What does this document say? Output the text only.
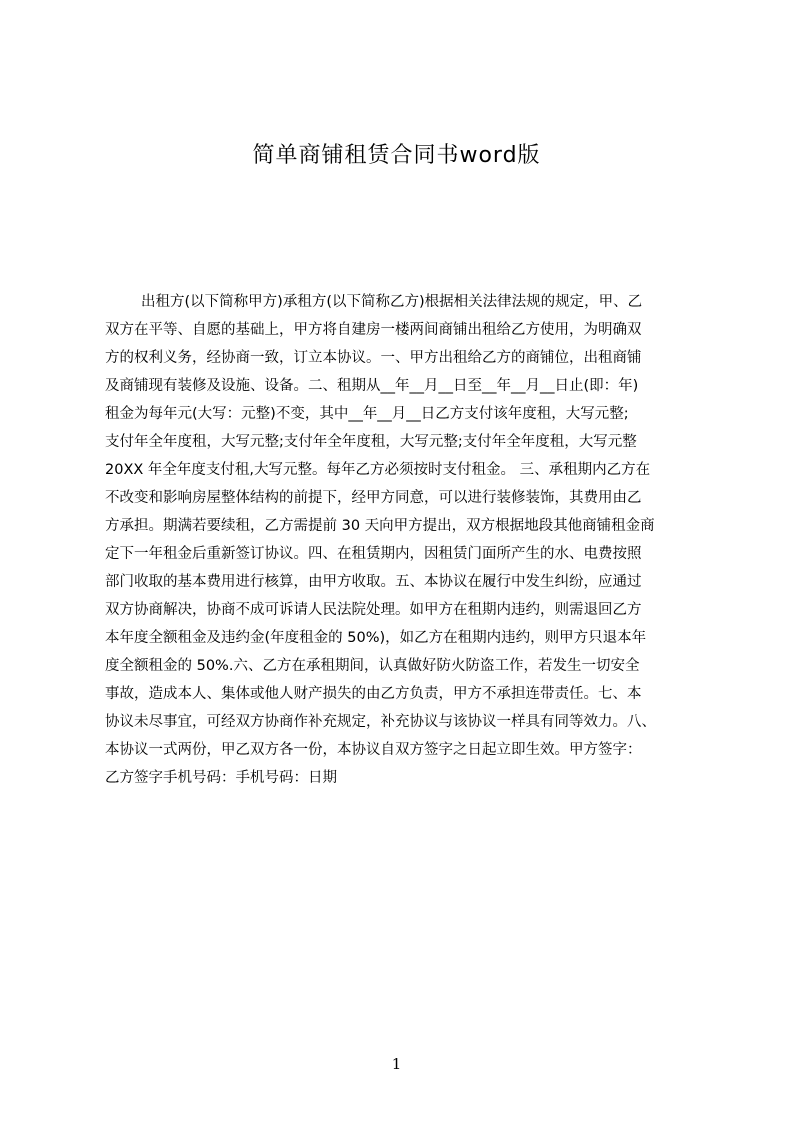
简单商铺租赁合同书word版
出租方(以下简称甲方)承租方(以下简称乙方)根据相关法律法规的规定，甲、乙
双方在平等、自愿的基础上，甲方将自建房一楼两间商铺出租给乙方使用，为明确双
方的权利义务，经协商一致，订立本协议。一、甲方出租给乙方的商铺位，出租商铺
及商铺现有装修及设施、设备。二、租期从__年__月__日至__年__月__日止(即：年)
租金为每年元(大写：元整)不变，其中__年__月__日乙方支付该年度租，大写元整;
支付年全年度租，大写元整;支付年全年度租，大写元整;支付年全年度租，大写元整
20XX 年全年度支付租,大写元整。每年乙方必须按时支付租金。 三、承租期内乙方在
不改变和影响房屋整体结构的前提下，经甲方同意，可以进行装修装饰，其费用由乙
方承担。期满若要续租，乙方需提前 30 天向甲方提出，双方根据地段其他商铺租金商
定下一年租金后重新签订协议。四、在租赁期内，因租赁门面所产生的水、电费按照
部门收取的基本费用进行核算，由甲方收取。五、本协议在履行中发生纠纷，应通过
双方协商解决，协商不成可诉请人民法院处理。如甲方在租期内违约，则需退回乙方
本年度全额租金及违约金(年度租金的 50%)，如乙方在租期内违约，则甲方只退本年
度全额租金的 50%.六、乙方在承租期间，认真做好防火防盗工作，若发生一切安全
事故，造成本人、集体或他人财产损失的由乙方负责，甲方不承担连带责任。七、本
协议未尽事宜，可经双方协商作补充规定，补充协议与该协议一样具有同等效力。八、
本协议一式两份，甲乙双方各一份，本协议自双方签字之日起立即生效。甲方签字：
乙方签字手机号码：手机号码：日期
1
